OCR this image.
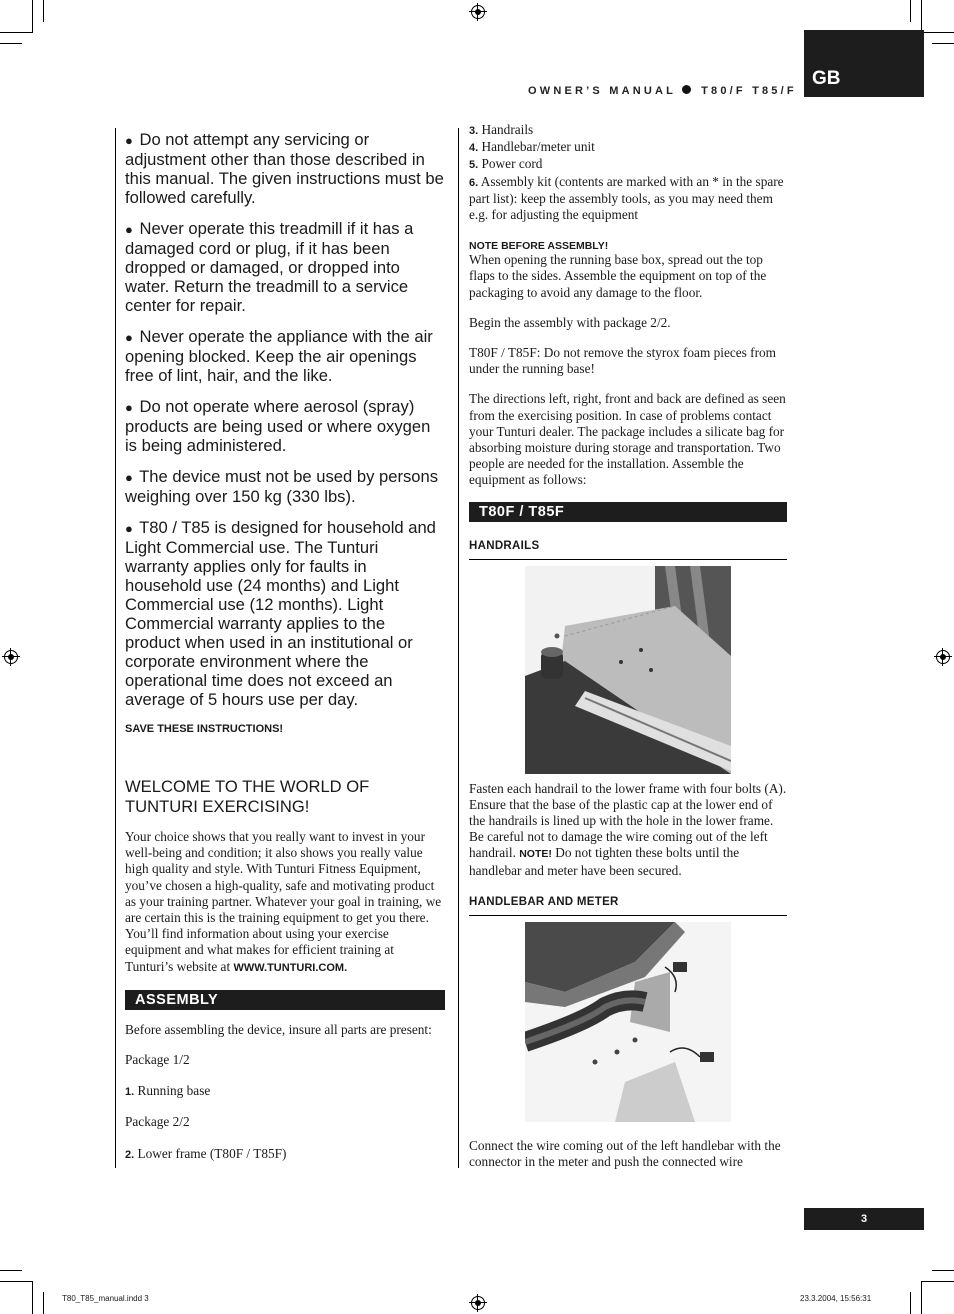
GB
OWNER’S MANUAL T80/F T85/F

● Do not attempt any servicing or adjustment other than those described in this manual. The given instructions must be followed carefully.

● Never operate this treadmill if it has a damaged cord or plug, if it has been dropped or damaged, or dropped into water. Return the treadmill to a service center for repair.

● Never operate the appliance with the air opening blocked. Keep the air openings free of lint, hair, and the like.

● Do not operate where aerosol (spray) products are being used or where oxygen is being administered.

● The device must not be used by persons weighing over 150 kg (330 lbs).

● T80 / T85 is designed for household and Light Commercial use. The Tunturi warranty applies only for faults in household use (24 months) and Light Commercial use (12 months). Light Commercial warranty applies to the product when used in an institutional or corporate environment where the operational time does not exceed an average of 5 hours use per day.

SAVE THESE INSTRUCTIONS!

WELCOME TO THE WORLD OF
TUNTURI EXERCISING!

Your choice shows that you really want to invest in your well-being and condition; it also shows you really value high quality and style. With Tunturi Fitness Equipment, you’ve chosen a high-quality, safe and motivating product as your training partner. Whatever your goal in training, we are certain this is the training equipment to get you there. You’ll find information about using your exercise equipment and what makes for efficient training at Tunturi’s website at WWW.TUNTURI.COM.

ASSEMBLY

Before assembling the device, insure all parts are present:

Package 1/2

1. Running base

Package 2/2

2. Lower frame (T80F / T85F)

3. Handrails

4. Handlebar/meter unit

5. Power cord

6. Assembly kit (contents are marked with an * in the spare part list): keep the assembly tools, as you may need them e.g. for adjusting the equipment

NOTE BEFORE ASSEMBLY!

When opening the running base box, spread out the top flaps to the sides. Assemble the equipment on top of the packaging to avoid any damage to the floor.

Begin the assembly with package 2/2.

T80F / T85F: Do not remove the styrox foam pieces from under the running base!

The directions left, right, front and back are defined as seen from the exercising position. In case of problems contact your Tunturi dealer. The package includes a silicate bag for absorbing moisture during storage and transportation. Two people are needed for the installation. Assemble the equipment as follows:

T80F / T85F

HANDRAILS

Fasten each handrail to the lower frame with four bolts (A). Ensure that the base of the plastic cap at the lower end of the handrails is lined up with the hole in the lower frame. Be careful not to damage the wire coming out of the left handrail. NOTE! Do not tighten these bolts until the handlebar and meter have been secured.

HANDLEBAR AND METER

Connect the wire coming out of the left handlebar with the connector in the meter and push the connected wire

3
T80_T85_manual.indd 3	23.3.2004, 15:56:31
